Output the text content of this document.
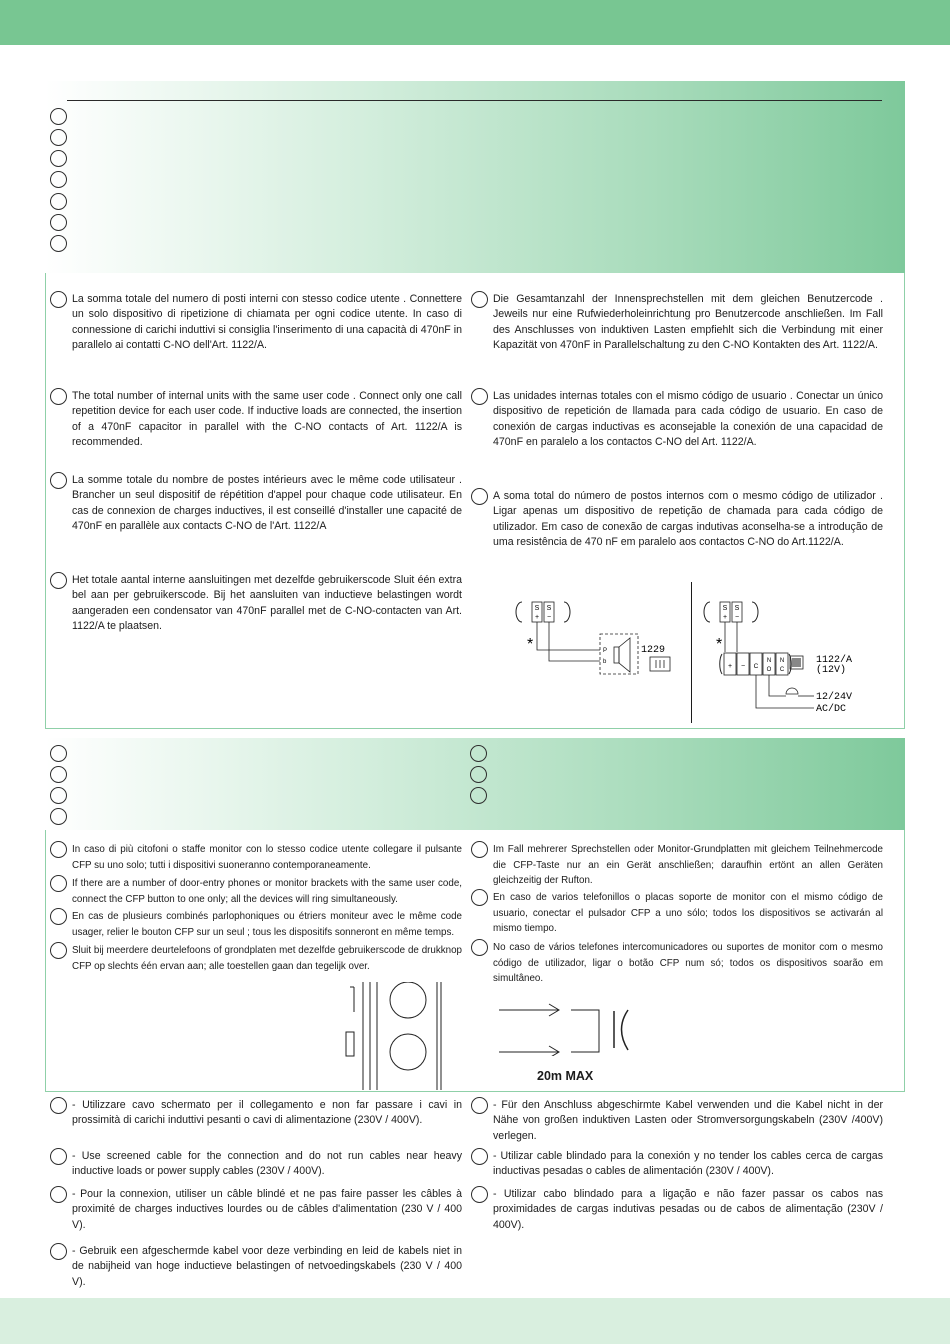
La somma totale del numero di posti interni con stesso codice utente . Connettere un solo dispositivo di ripetizione di chiamata per ogni codice utente. In caso di connessione di carichi induttivi si consiglia l'inserimento di una capacità di 470nF in parallelo ai contatti C-NO dell'Art. 1122/A.

The total number of internal units with the same user code . Connect only one call repetition device for each user code. If inductive loads are connected, the insertion of a 470nF capacitor in parallel with the C-NO contacts of Art. 1122/A is recommended.

La somme totale du nombre de postes intérieurs avec le même code utilisateur . Brancher un seul dispositif de répétition d'appel pour chaque code utilisateur. En cas de connexion de charges inductives, il est conseillé d'installer une capacité de 470nF en parallèle aux contacts C-NO de l'Art. 1122/A

Het totale aantal interne aansluitingen met dezelfde gebruikerscode Sluit één extra bel aan per gebruikerscode. Bij het aansluiten van inductieve belastingen wordt aangeraden een condensator van 470nF parallel met de C-NO-contacten van Art. 1122/A te plaatsen.

Die Gesamtanzahl der Innensprechstellen mit dem gleichen Benutzercode . Jeweils nur eine Rufwiederholeinrichtung pro Benutzercode anschließen. Im Fall des Anschlusses von induktiven Lasten empfiehlt sich die Verbindung mit einer Kapazität von 470nF in Parallelschaltung zu den C-NO Kontakten des Art. 1122/A.

Las unidades internas totales con el mismo código de usuario . Conectar un único dispositivo de repetición de llamada para cada código de usuario. En caso de conexión de cargas inductivas es aconsejable la conexión de una capacidad de 470nF en paralelo a los contactos C-NO del Art. 1122/A.

A soma total do número de postos internos com o mesmo código de utilizador . Ligar apenas um dispositivo de repetição de chamada para cada código de utilizador. Em caso de conexão de cargas indutivas aconselha-se a introdução de uma resistência de 470 nF em paralelo aos contactos C-NO do Art.1122/A.

S S
+ −
*	P
b
1229
S S
+ −
*
+ − C
N
O
N
C
1122/A
(12V)
12/24V
AC/DC

In caso di più citofoni o staffe monitor con lo stesso codice utente collegare il pulsante CFP su uno solo; tutti i dispositivi suoneranno contemporaneamente.

If there are a number of door-entry phones or monitor brackets with the same user code, connect the CFP button to one only; all the devices will ring simultaneously.

En cas de plusieurs combinés parlophoniques ou étriers moniteur avec le même code usager, relier le bouton CFP sur un seul ; tous les dispositifs sonneront en même temps.

Sluit bij meerdere deurtelefoons of grondplaten met dezelfde gebruikerscode de drukknop CFP op slechts één ervan aan; alle toestellen gaan dan tegelijk over.

Im Fall mehrerer Sprechstellen oder Monitor-Grundplatten mit gleichem Teilnehmercode die CFP-Taste nur an ein Gerät anschließen; daraufhin ertönt an allen Geräten gleichzeitig der Rufton.

En caso de varios telefonillos o placas soporte de monitor con el mismo código de usuario, conectar el pulsador CFP a uno sólo; todos los dispositivos se activarán al mismo tiempo.

No caso de vários telefones intercomunicadores ou suportes de monitor com o mesmo código de utilizador, ligar o botão CFP num só; todos os dispositivos soarão em simultâneo.

20m MAX

- Utilizzare cavo schermato per il collegamento e non far passare i cavi in prossimità di carichi induttivi pesanti o cavi di alimentazione (230V / 400V).

- Use screened cable for the connection and do not run cables near heavy inductive loads or power supply cables (230V / 400V).

- Pour la connexion, utiliser un câble blindé et ne pas faire passer les câbles à proximité de charges inductives lourdes ou de câbles d'alimentation (230 V / 400 V).

- Gebruik een afgeschermde kabel voor deze verbinding en leid de kabels niet in de nabijheid van hoge inductieve belastingen of netvoedingskabels (230 V / 400 V).

- Für den Anschluss abgeschirmte Kabel verwenden und die Kabel nicht in der Nähe von großen induktiven Lasten oder Stromversorgungskabeln (230V /400V) verlegen.

- Utilizar cable blindado para la conexión y no tender los cables cerca de cargas inductivas pesadas o cables de alimentación (230V / 400V).

- Utilizar cabo blindado para a ligação e não fazer passar os cabos nas proximidades de cargas indutivas pesadas ou de cabos de alimentação (230V / 400V).
